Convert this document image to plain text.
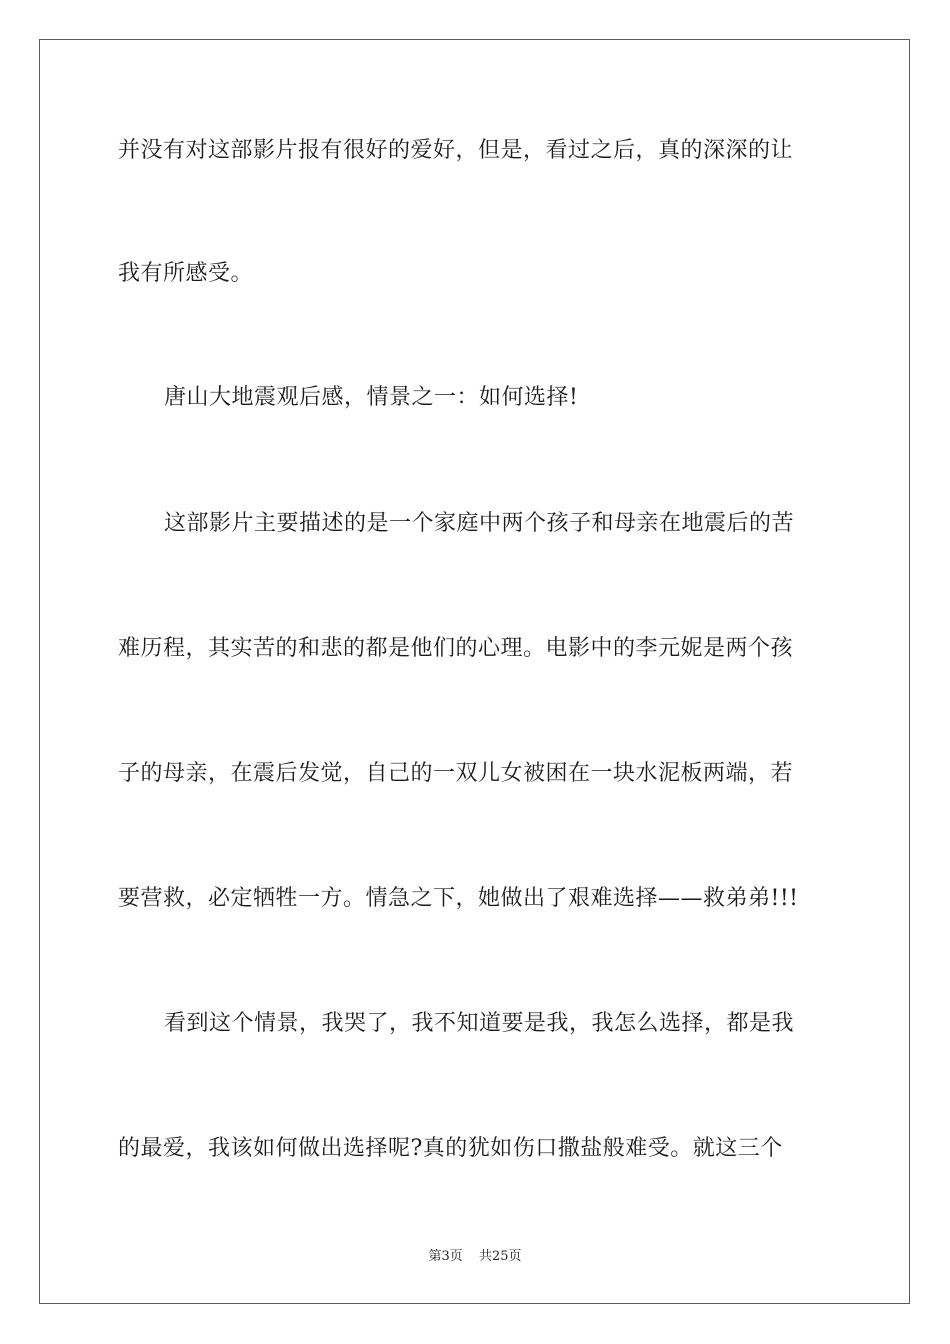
并没有对这部影片报有很好的爱好，但是，看过之后，真的深深的让
我有所感受。
唐山大地震观后感，情景之一：如何选择!
这部影片主要描述的是一个家庭中两个孩子和母亲在地震后的苦
难历程，其实苦的和悲的都是他们的心理。电影中的李元妮是两个孩
子的母亲，在震后发觉，自己的一双儿女被困在一块水泥板两端，若
要营救，必定牺牲一方。情急之下，她做出了艰难选择——救弟弟!!!
看到这个情景，我哭了，我不知道要是我，我怎么选择，都是我
的最爱，我该如何做出选择呢?真的犹如伤口撒盐般难受。就这三个
第3页 共25页
